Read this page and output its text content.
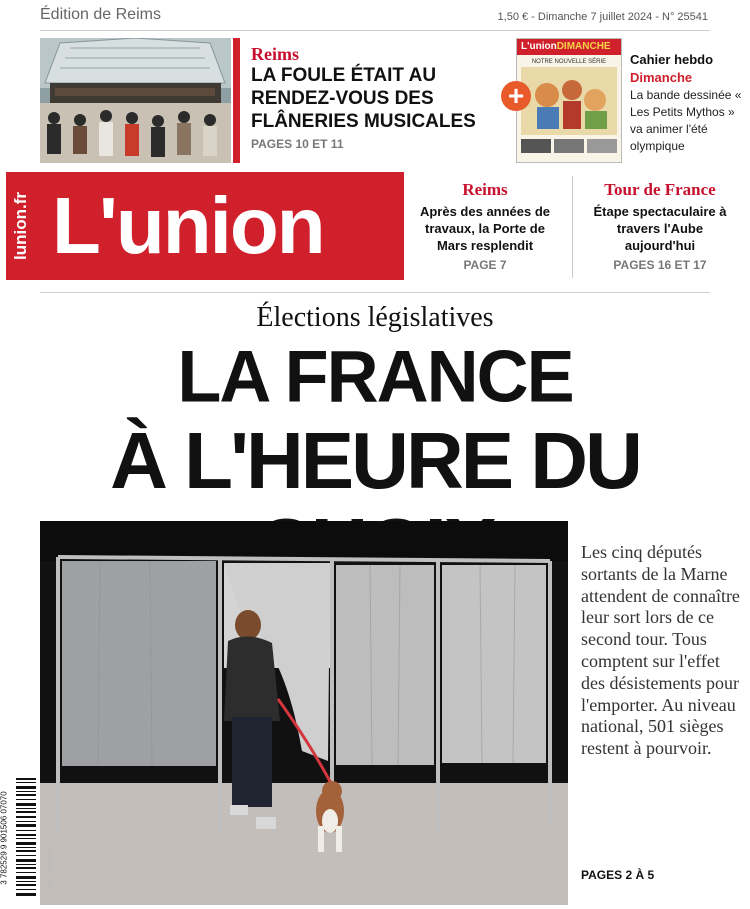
Édition de Reims	1,50 € - Dimanche 7 juillet 2024 - N° 25541
Reims
LA FOULE ÉTAIT AU RENDEZ-VOUS DES FLÂNERIES MUSICALES
PAGES 10 ET 11
L'unionDIMANCHE
NOTRE NOUVELLE SÉRIE
+
Cahier hebdo
Dimanche
La bande dessinée « Les Petits Mythos » va animer l'été olympique
lunion.fr L'union	Reims
Après des années de travaux, la Porte de Mars resplendit
PAGE 7
Tour de France
Étape spectaculaire à travers l'Aube aujourd'hui
PAGES 16 ET 17
Élections législatives
LA FRANCE
À L'HEURE DU
Remi Walflart
Les cinq députés sortants de la Marne attendent de connaître leur sort lors de ce second tour. Tous comptent sur l'effet des désistements pour l'emporter. Au niveau national, 501 sièges restent à pourvoir.
PAGES 2 À 5
3 782529 9 901506 07070
